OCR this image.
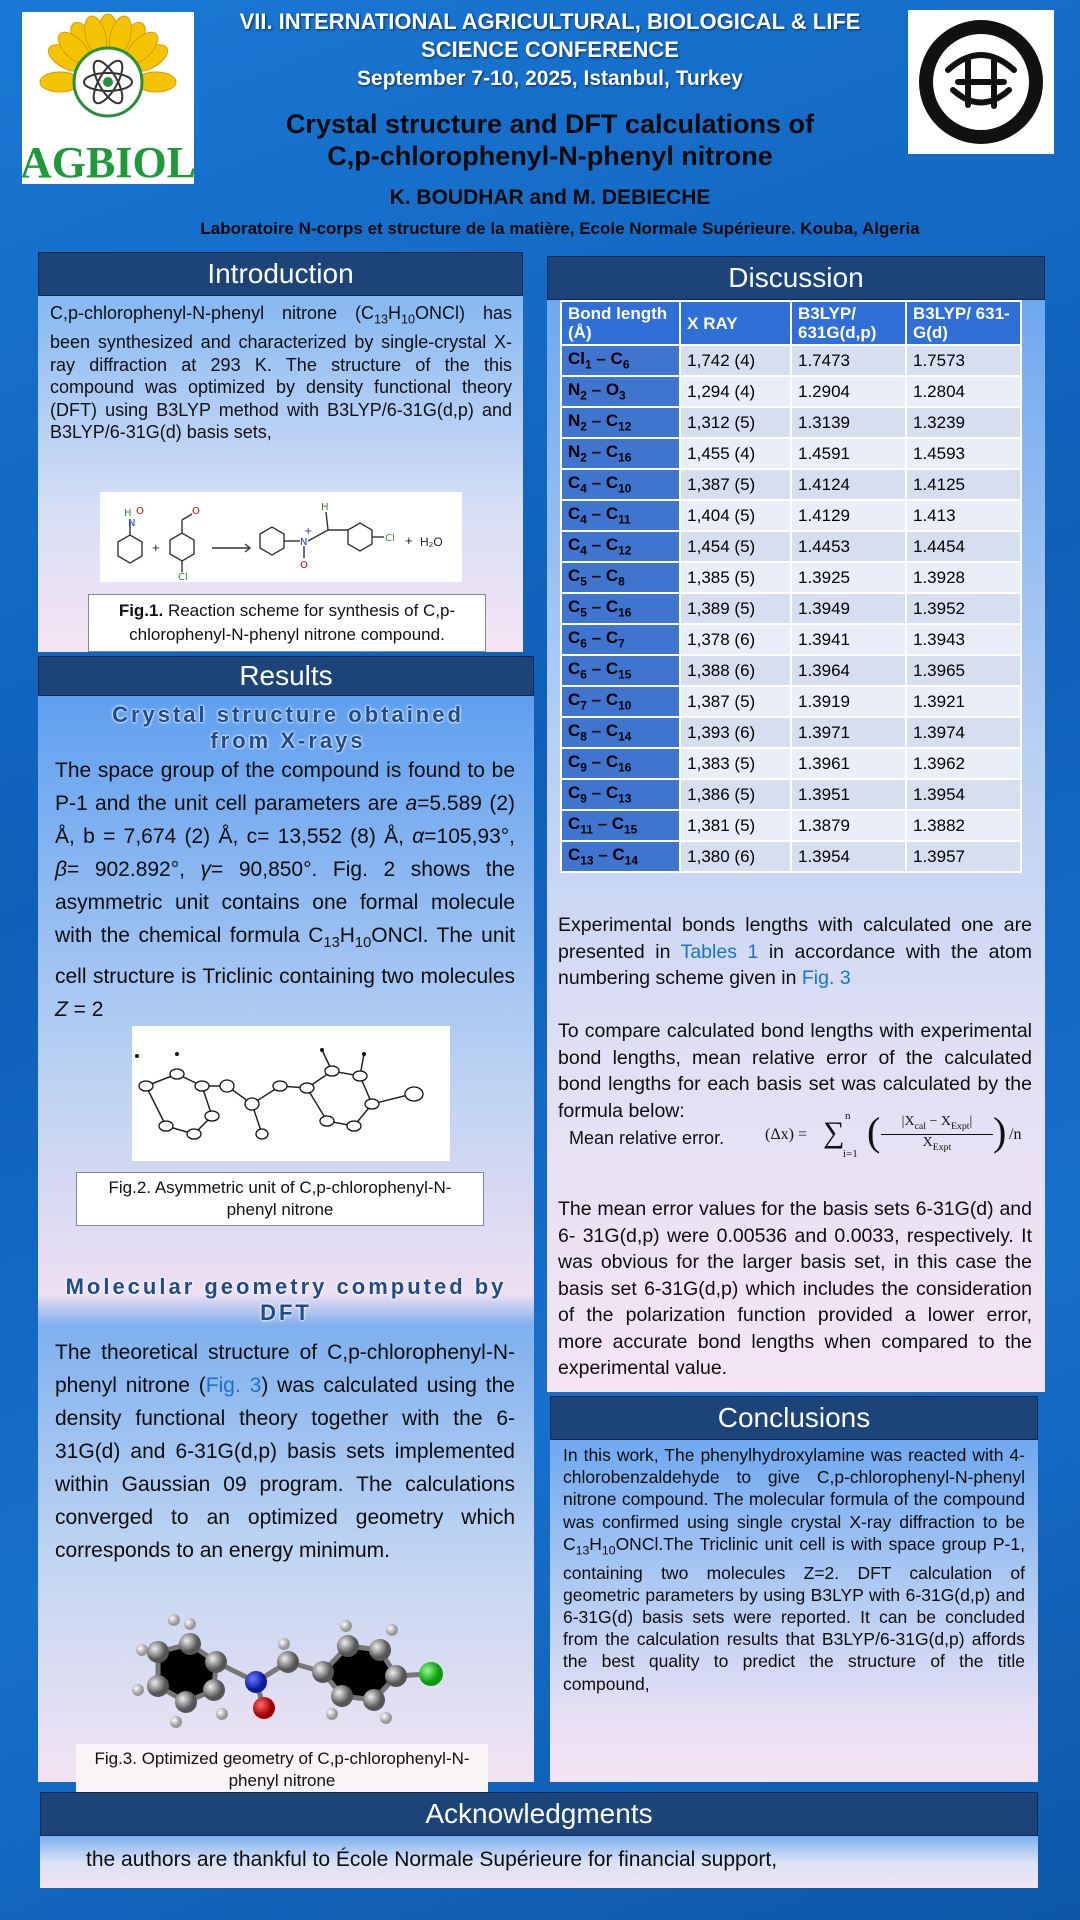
AGBIOL
VII. INTERNATIONAL AGRICULTURAL, BIOLOGICAL & LIFE
SCIENCE CONFERENCE
September 7-10, 2025, Istanbul, Turkey
Crystal structure and DFT calculations of
C,p-chlorophenyl-N-phenyl nitrone
K. BOUDHAR and M. DEBIECHE
Laboratoire N-corps et structure de la matière, Ecole Normale Supérieure. Kouba, Algeria
Introduction
C,p-chlorophenyl-N-phenyl nitrone $(C_{13}H_{10}ONCl)$ has been synthesized and characterized by single-crystal X-ray diffraction at 293 K. The structure of the this compound was optimized by density functional theory (DFT) using B3LYP method with B3LYP/6-31G(d,p) and B3LYP/6-31G(d) basis sets,
H
N
O	O
Cl
N
+
O
H
Cl
+	+ H₂O
Fig.1. Reaction scheme for synthesis of C,p-chlorophenyl-N-phenyl nitrone compound.
Results
Crystal structure obtained from X-rays
The space group of the compound is found to be P-1 and the unit cell parameters are a=5.589 (2) Å, b = 7,674 (2) Å, c= 13,552 (8) Å, α=105,93°, β= 902.892°, γ= 90,850°. Fig. 2 shows the asymmetric unit contains one formal molecule with the chemical formula $C_{13}H_{10}ONCl$. The unit cell structure is Triclinic containing two molecules Z = 2
Fig.2. Asymmetric unit of C,p-chlorophenyl-N-phenyl nitrone
Molecular geometry computed by DFT
The theoretical structure of C,p-chlorophenyl-N-phenyl nitrone (Fig. 3) was calculated using the density functional theory together with the 6-31G(d) and 6-31G(d,p) basis sets implemented within Gaussian 09 program. The calculations converged to an optimized geometry which corresponds to an energy minimum.
Fig.3. Optimized geometry of C,p-chlorophenyl-N-phenyl nitrone
Discussion
Bond length (Å)	X RAY	B3LYP/ 631G(d,p)	B3LYP/ 631-G(d)
$Cl_1 - C_6$	1,742 (4)	1.7473	1.7573
$N_2 - O_3$	1,294 (4)	1.2904	1.2804
$N_2 - C_{12}$	1,312 (5)	1.3139	1.3239
$N_2 - C_{16}$	1,455 (4)	1.4591	1.4593
$C_4 - C_{10}$	1,387 (5)	1.4124	1.4125
$C_4 - C_{11}$	1,404 (5)	1.4129	1.413
$C_4 - C_{12}$	1,454 (5)	1.4453	1.4454
$C_5 - C_8$	1,385 (5)	1.3925	1.3928
$C_5 - C_{16}$	1,389 (5)	1.3949	1.3952
$C_6 - C_7$	1,378 (6)	1.3941	1.3943
$C_6 - C_{15}$	1,388 (6)	1.3964	1.3965
$C_7 - C_{10}$	1,387 (5)	1.3919	1.3921
$C_8 - C_{14}$	1,393 (6)	1.3971	1.3974
$C_9 - C_{16}$	1,383 (5)	1.3961	1.3962
$C_9 - C_{13}$	1,386 (5)	1.3951	1.3954
$C_{11} - C_{15}$	1,381 (5)	1.3879	1.3882
$C_{13} - C_{14}$	1,380 (6)	1.3954	1.3957
Experimental bonds lengths with calculated one are presented in Tables 1 in accordance with the atom numbering scheme given in Fig. 3
To compare calculated bond lengths with experimental bond lengths, mean relative error of the calculated bond lengths for each basis set was calculated by the formula below:
Mean relative error.	(Δx) = ∑ n
i=1 (	$|X_{cal} - X_{Expt}|$
$X_{Expt}$	) /n
The mean error values for the basis sets 6-31G(d) and 6- 31G(d,p) were 0.00536 and 0.0033, respectively. It was obvious for the larger basis set, in this case the basis set 6-31G(d,p) which includes the consideration of the polarization function provided a lower error, more accurate bond lengths when compared to the experimental value.
Conclusions
In this work, The phenylhydroxylamine was reacted with 4-chlorobenzaldehyde to give C,p-chlorophenyl-N-phenyl nitrone compound. The molecular formula of the compound was confirmed using single crystal X-ray diffraction to be $C_{13}H_{10}ONCl.The$ Triclinic unit cell is with space group P-1, containing two molecules Z=2. DFT calculation of geometric parameters by using B3LYP with 6-31G(d,p) and 6-31G(d) basis sets were reported. It can be concluded from the calculation results that B3LYP/6-31G(d,p) affords the best quality to predict the structure of the title compound,
Acknowledgments
the authors are thankful to École Normale Supérieure for financial support,
